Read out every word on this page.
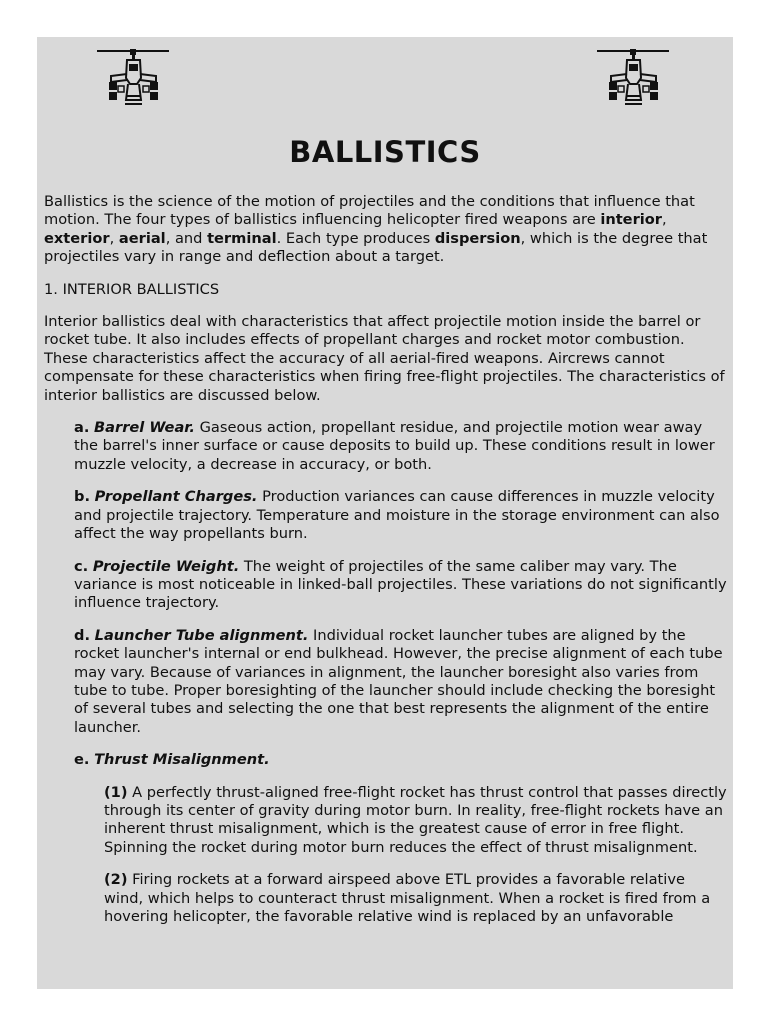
BALLISTICS

Ballistics is the science of the motion of projectiles and the conditions that influence that motion. The four types of ballistics influencing helicopter fired weapons are interior, exterior, aerial, and terminal. Each type produces dispersion, which is the degree that projectiles vary in range and deflection about a target.

1. INTERIOR BALLISTICS

Interior ballistics deal with characteristics that affect projectile motion inside the barrel or rocket tube. It also includes effects of propellant charges and rocket motor combustion. These characteristics affect the accuracy of all aerial-fired weapons. Aircrews cannot compensate for these characteristics when firing free-flight projectiles. The characteristics of interior ballistics are discussed below.

a. Barrel Wear. Gaseous action, propellant residue, and projectile motion wear away the barrel's inner surface or cause deposits to build up. These conditions result in lower muzzle velocity, a decrease in accuracy, or both.

b. Propellant Charges. Production variances can cause differences in muzzle velocity and projectile trajectory. Temperature and moisture in the storage environment can also affect the way propellants burn.

c. Projectile Weight. The weight of projectiles of the same caliber may vary. The variance is most noticeable in linked-ball projectiles. These variations do not significantly influence trajectory.

d. Launcher Tube alignment. Individual rocket launcher tubes are aligned by the rocket launcher's internal or end bulkhead. However, the precise alignment of each tube may vary. Because of variances in alignment, the launcher boresight also varies from tube to tube. Proper boresighting of the launcher should include checking the boresight of several tubes and selecting the one that best represents the alignment of the entire launcher.

e. Thrust Misalignment.

(1) A perfectly thrust-aligned free-flight rocket has thrust control that passes directly through its center of gravity during motor burn. In reality, free-flight rockets have an inherent thrust misalignment, which is the greatest cause of error in free flight. Spinning the rocket during motor burn reduces the effect of thrust misalignment.

(2) Firing rockets at a forward airspeed above ETL provides a favorable relative wind, which helps to counteract thrust misalignment. When a rocket is fired from a hovering helicopter, the favorable relative wind is replaced by an unfavorable
